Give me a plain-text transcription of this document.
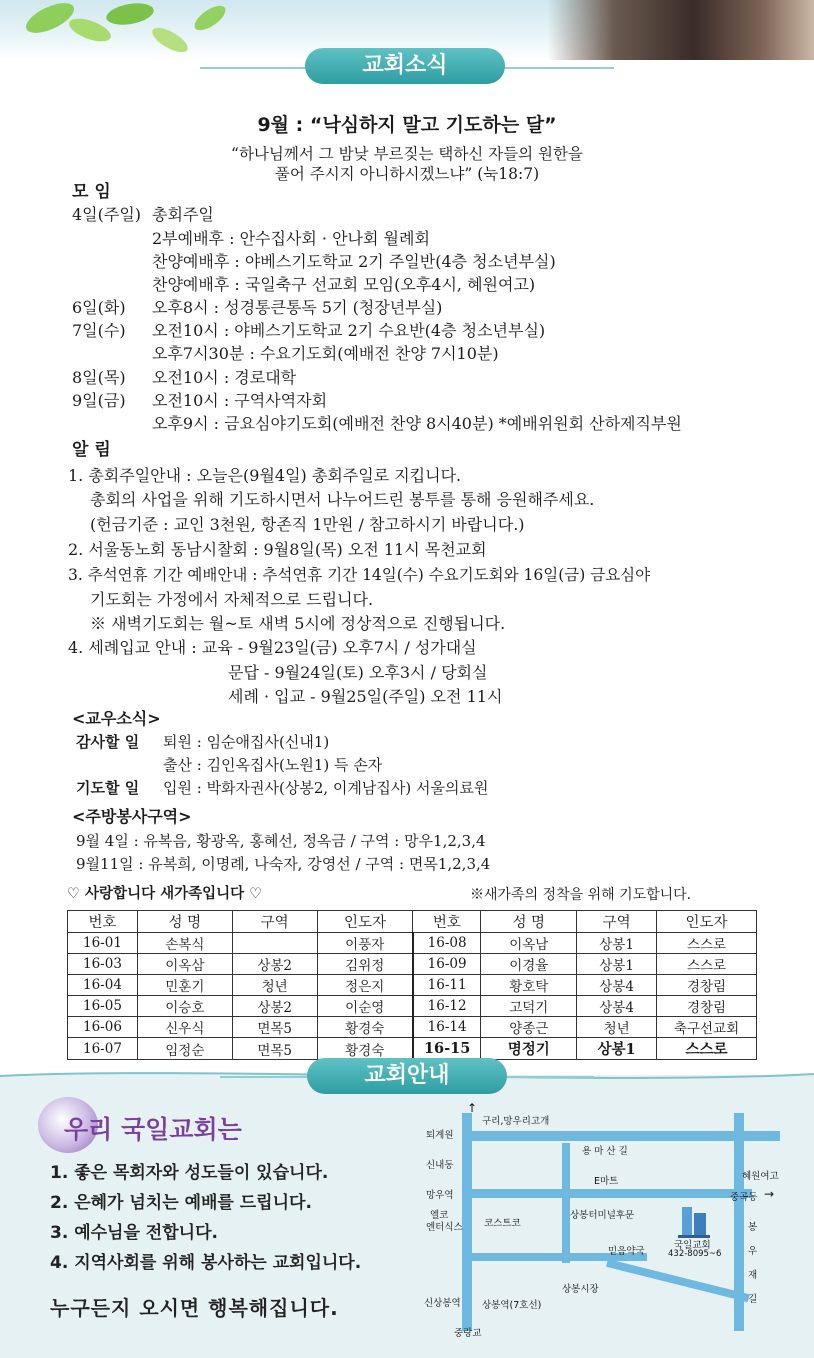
교회소식
9월 : “낙심하지 말고 기도하는 달”
“하나님께서 그 밤낮 부르짖는 택하신 자들의 원한을
풀어 주시지 아니하시겠느냐” (눅18:7)
모 임
4일(주일) 총회주일
2부예배후 : 안수집사회 · 안나회 월례회
찬양예배후 : 야베스기도학교 2기 주일반(4층 청소년부실)
찬양예배후 : 국일축구 선교회 모임(오후4시, 혜원여고)
6일(화) 오후8시 : 성경통큰통독 5기 (청장년부실)
7일(수) 오전10시 : 야베스기도학교 2기 수요반(4층 청소년부실)
오후7시30분 : 수요기도회(예배전 찬양 7시10분)
8일(목) 오전10시 : 경로대학
9일(금) 오전10시 : 구역사역자회
오후9시 : 금요심야기도회(예배전 찬양 8시40분) *예배위원회 산하제직부원
알 림
1. 총회주일안내 : 오늘은(9월4일) 총회주일로 지킵니다.
총회의 사업을 위해 기도하시면서 나누어드린 봉투를 통해 응원해주세요.
(헌금기준 : 교인 3천원, 항존직 1만원 / 참고하시기 바랍니다.)
2. 서울동노회 동남시찰회 : 9월8일(목) 오전 11시 목천교회
3. 추석연휴 기간 예배안내 : 추석연휴 기간 14일(수) 수요기도회와 16일(금) 금요심야
기도회는 가정에서 자체적으로 드립니다.
※ 새벽기도회는 월~토 새벽 5시에 정상적으로 진행됩니다.
4. 세례입교 안내 : 교육 - 9월23일(금) 오후7시 / 성가대실
문답 - 9월24일(토) 오후3시 / 당회실
세례 · 입교 - 9월25일(주일) 오전 11시
<교우소식>
감사할 일 퇴원 : 임순애집사(신내1)
출산 : 김인옥집사(노원1) 득 손자
기도할 일 입원 : 박화자권사(상봉2, 이계남집사) 서울의료원
<주방봉사구역>
9월 4일 : 유복음, 황광옥, 홍혜선, 정옥금 / 구역 : 망우1,2,3,4
9월11일 : 유복희, 이명례, 나숙자, 강영선 / 구역 : 면목1,2,3,4
♡ 사랑합니다 새가족입니다 ♡	※새가족의 정착을 위해 기도합니다.
번호	성 명	구역	인도자	번호	성 명	구역	인도자
16-01	손복식		이풍자	16-08	이옥남	상봉1	스스로
16-03	이옥삼	상봉2	김위정	16-09	이경율	상봉1	스스로
16-04	민훈기	청년	정은지	16-11	황호탁	상봉4	경창림
16-05	이승호	상봉2	이순영	16-12	고덕기	상봉4	경창림
16-06	신우식	면목5	황경숙	16-14	양종근	청년	축구선교회
16-07	임정순	면목5	황경숙	16-15	명정기	상봉1	스스로
교회안내
우리 국일교회는
1. 좋은 목회자와 성도들이 있습니다.
2. 은혜가 넘치는 예배를 드립니다.
3. 예수님을 전합니다.
4. 지역사회를 위해 봉사하는 교회입니다.
누구든지 오시면 행복해집니다.
↑
→
구리,망우리고개
퇴계원
용 마 산 길
신내동
E마트	혜원여고
중곡동
망우역
엘코
엔터식스 코스트코
상봉터미널후문
국일교회
432-8095~6
믿음약국
봉
우
재
길
상봉시장
신상봉역 상봉역(7호선)
중랑교
